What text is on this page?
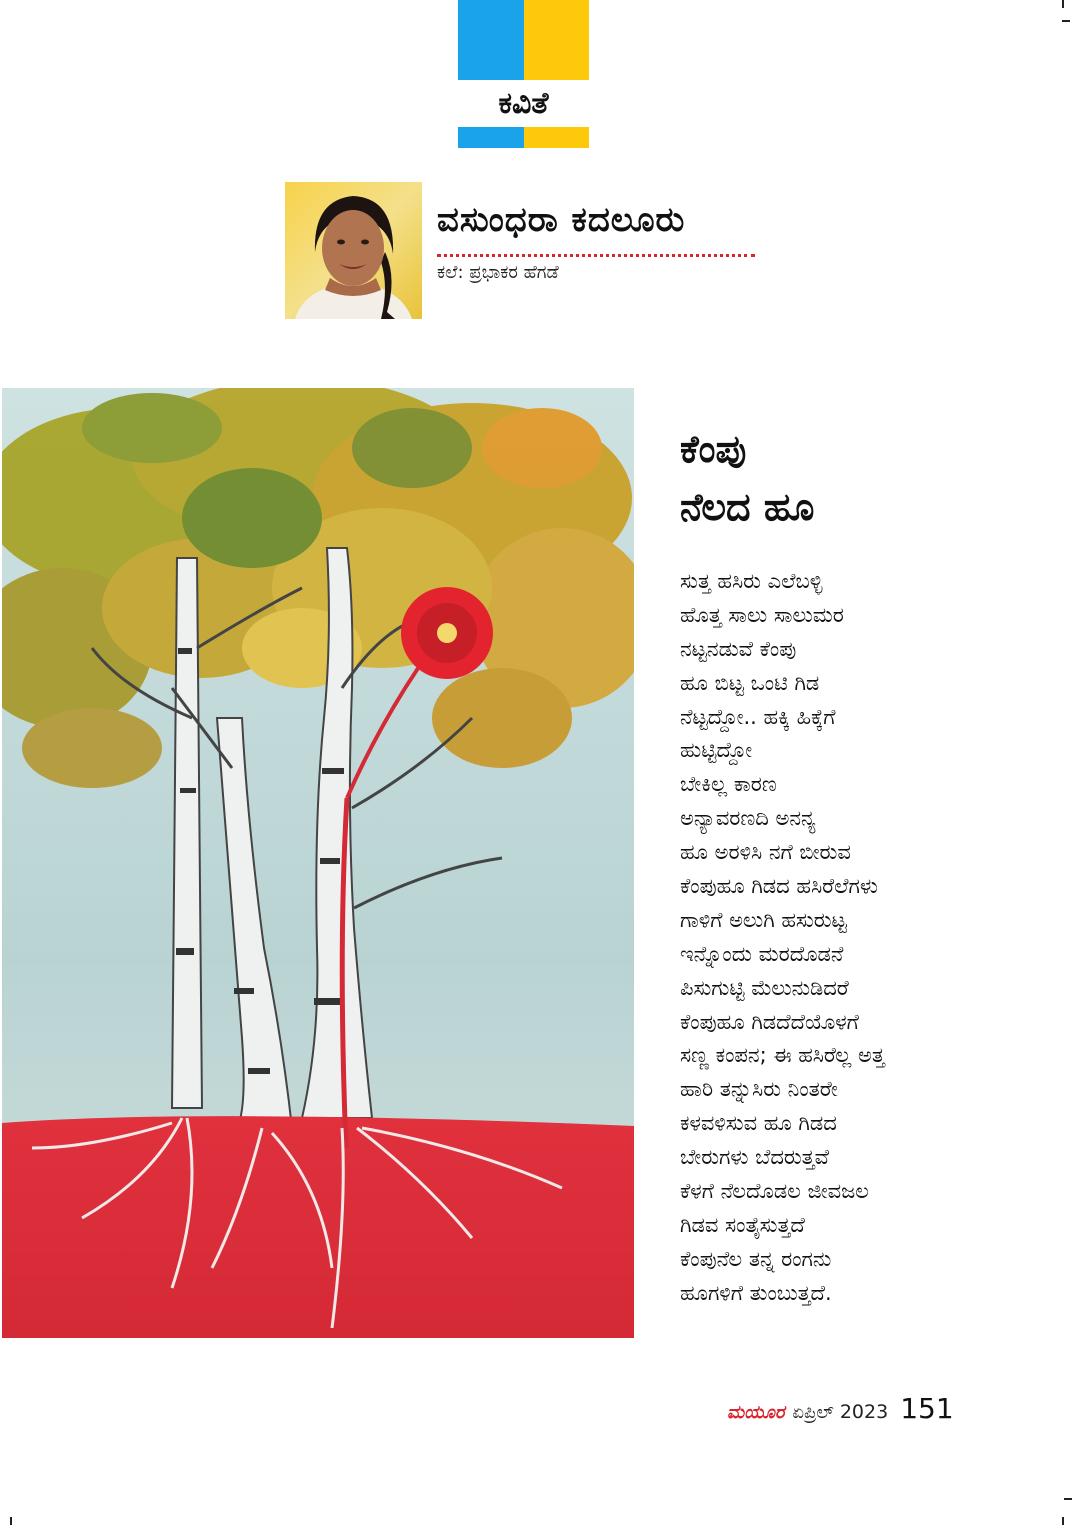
ಕವಿತೆ
ವಸುಂಧರಾ ಕದಲೂರು
ಕಲೆ: ಪ್ರಭಾಕರ ಹೆಗಡೆ
ಕೆಂಪು
ನೆಲದ ಹೂ
ಸುತ್ತ ಹಸಿರು ಎಲೆಬಳ್ಳಿ
ಹೊತ್ತ ಸಾಲು ಸಾಲುಮರ
ನಟ್ಟನಡುವೆ ಕೆಂಪು
ಹೂ ಬಿಟ್ಟ ಒಂಟಿ ಗಿಡ
ನೆಟ್ಟದ್ದೋ.. ಹಕ್ಕಿ ಹಿಕ್ಕೆಗೆ
ಹುಟ್ಟಿದ್ದೋ
ಬೇಕಿಲ್ಲ ಕಾರಣ
ಅನ್ಯಾವರಣದಿ ಅನನ್ಯ
ಹೂ ಅರಳಿಸಿ ನಗೆ ಬೀರುವ
ಕೆಂಪುಹೂ ಗಿಡದ ಹಸಿರೆಲೆಗಳು
ಗಾಳಿಗೆ ಅಲುಗಿ ಹಸುರುಟ್ಟ
ಇನ್ನೊಂದು ಮರದೊಡನೆ
ಪಿಸುಗುಟ್ಟಿ ಮೆಲುನುಡಿದರೆ
ಕೆಂಪುಹೂ ಗಿಡದೆದೆಯೊಳಗೆ
ಸಣ್ಣ ಕಂಪನ; ಈ ಹಸಿರೆಲ್ಲ ಅತ್ತ
ಹಾರಿ ತನ್ನುಸಿರು ನಿಂತರೇ
ಕಳವಳಿಸುವ ಹೂ ಗಿಡದ
ಬೇರುಗಳು ಬೆದರುತ್ತವೆ
ಕೆಳಗೆ ನೆಲದೊಡಲ ಜೀವಜಲ
ಗಿಡವ ಸಂತೈಸುತ್ತದೆ
ಕೆಂಪುನೆಲ ತನ್ನ ರಂಗನು
ಹೂಗಳಿಗೆ ತುಂಬುತ್ತದೆ.
ಮಯೂರ ಏಪ್ರಿಲ್ 2023 151
